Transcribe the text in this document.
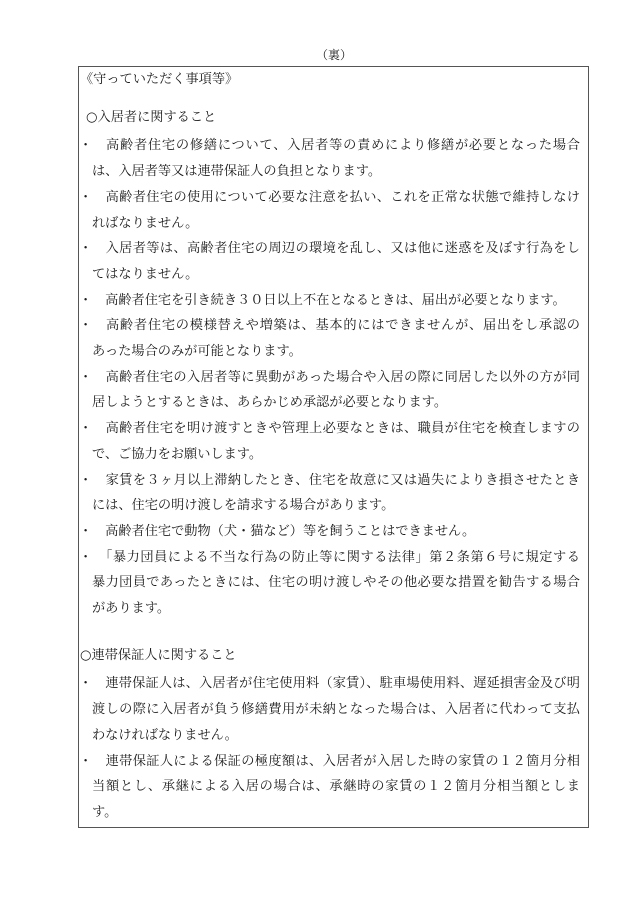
（裏）
《守っていただく事項等》
○入居者に関すること
・ 　高齢者住宅の修繕について、入居者等の責めにより修繕が必要となった場合
は、入居者等又は連帯保証人の負担となります。
・ 　高齢者住宅の使用について必要な注意を払い、これを正常な状態で維持しなけ
ればなりません。
・ 　入居者等は、高齢者住宅の周辺の環境を乱し、又は他に迷惑を及ぼす行為をし
てはなりません。
・ 　高齢者住宅を引き続き３０日以上不在となるときは、届出が必要となります。
・ 　高齢者住宅の模様替えや増築は、基本的にはできませんが、届出をし承認の
あった場合のみが可能となります。
・ 　高齢者住宅の入居者等に異動があった場合や入居の際に同居した以外の方が同
居しようとするときは、あらかじめ承認が必要となります。
・ 　高齢者住宅を明け渡すときや管理上必要なときは、職員が住宅を検査しますの
で、ご協力をお願いします。
・ 　家賃を３ヶ月以上滞納したとき、住宅を故意に又は過失によりき損させたとき
には、住宅の明け渡しを請求する場合があります。
・ 　高齢者住宅で動物（犬・猫など）等を飼うことはできません。
・ 　「暴力団員による不当な行為の防止等に関する法律」第２条第６号に規定する
暴力団員であったときには、住宅の明け渡しやその他必要な措置を勧告する場合
があります。
○連帯保証人に関すること
・ 　連帯保証人は、入居者が住宅使用料（家賃）、駐車場使用料、遅延損害金及び明
渡しの際に入居者が負う修繕費用が未納となった場合は、入居者に代わって支払
わなければなりません。
・ 　連帯保証人による保証の極度額は、入居者が入居した時の家賃の１２箇月分相
当額とし、承継による入居の場合は、承継時の家賃の１２箇月分相当額としま
す。
